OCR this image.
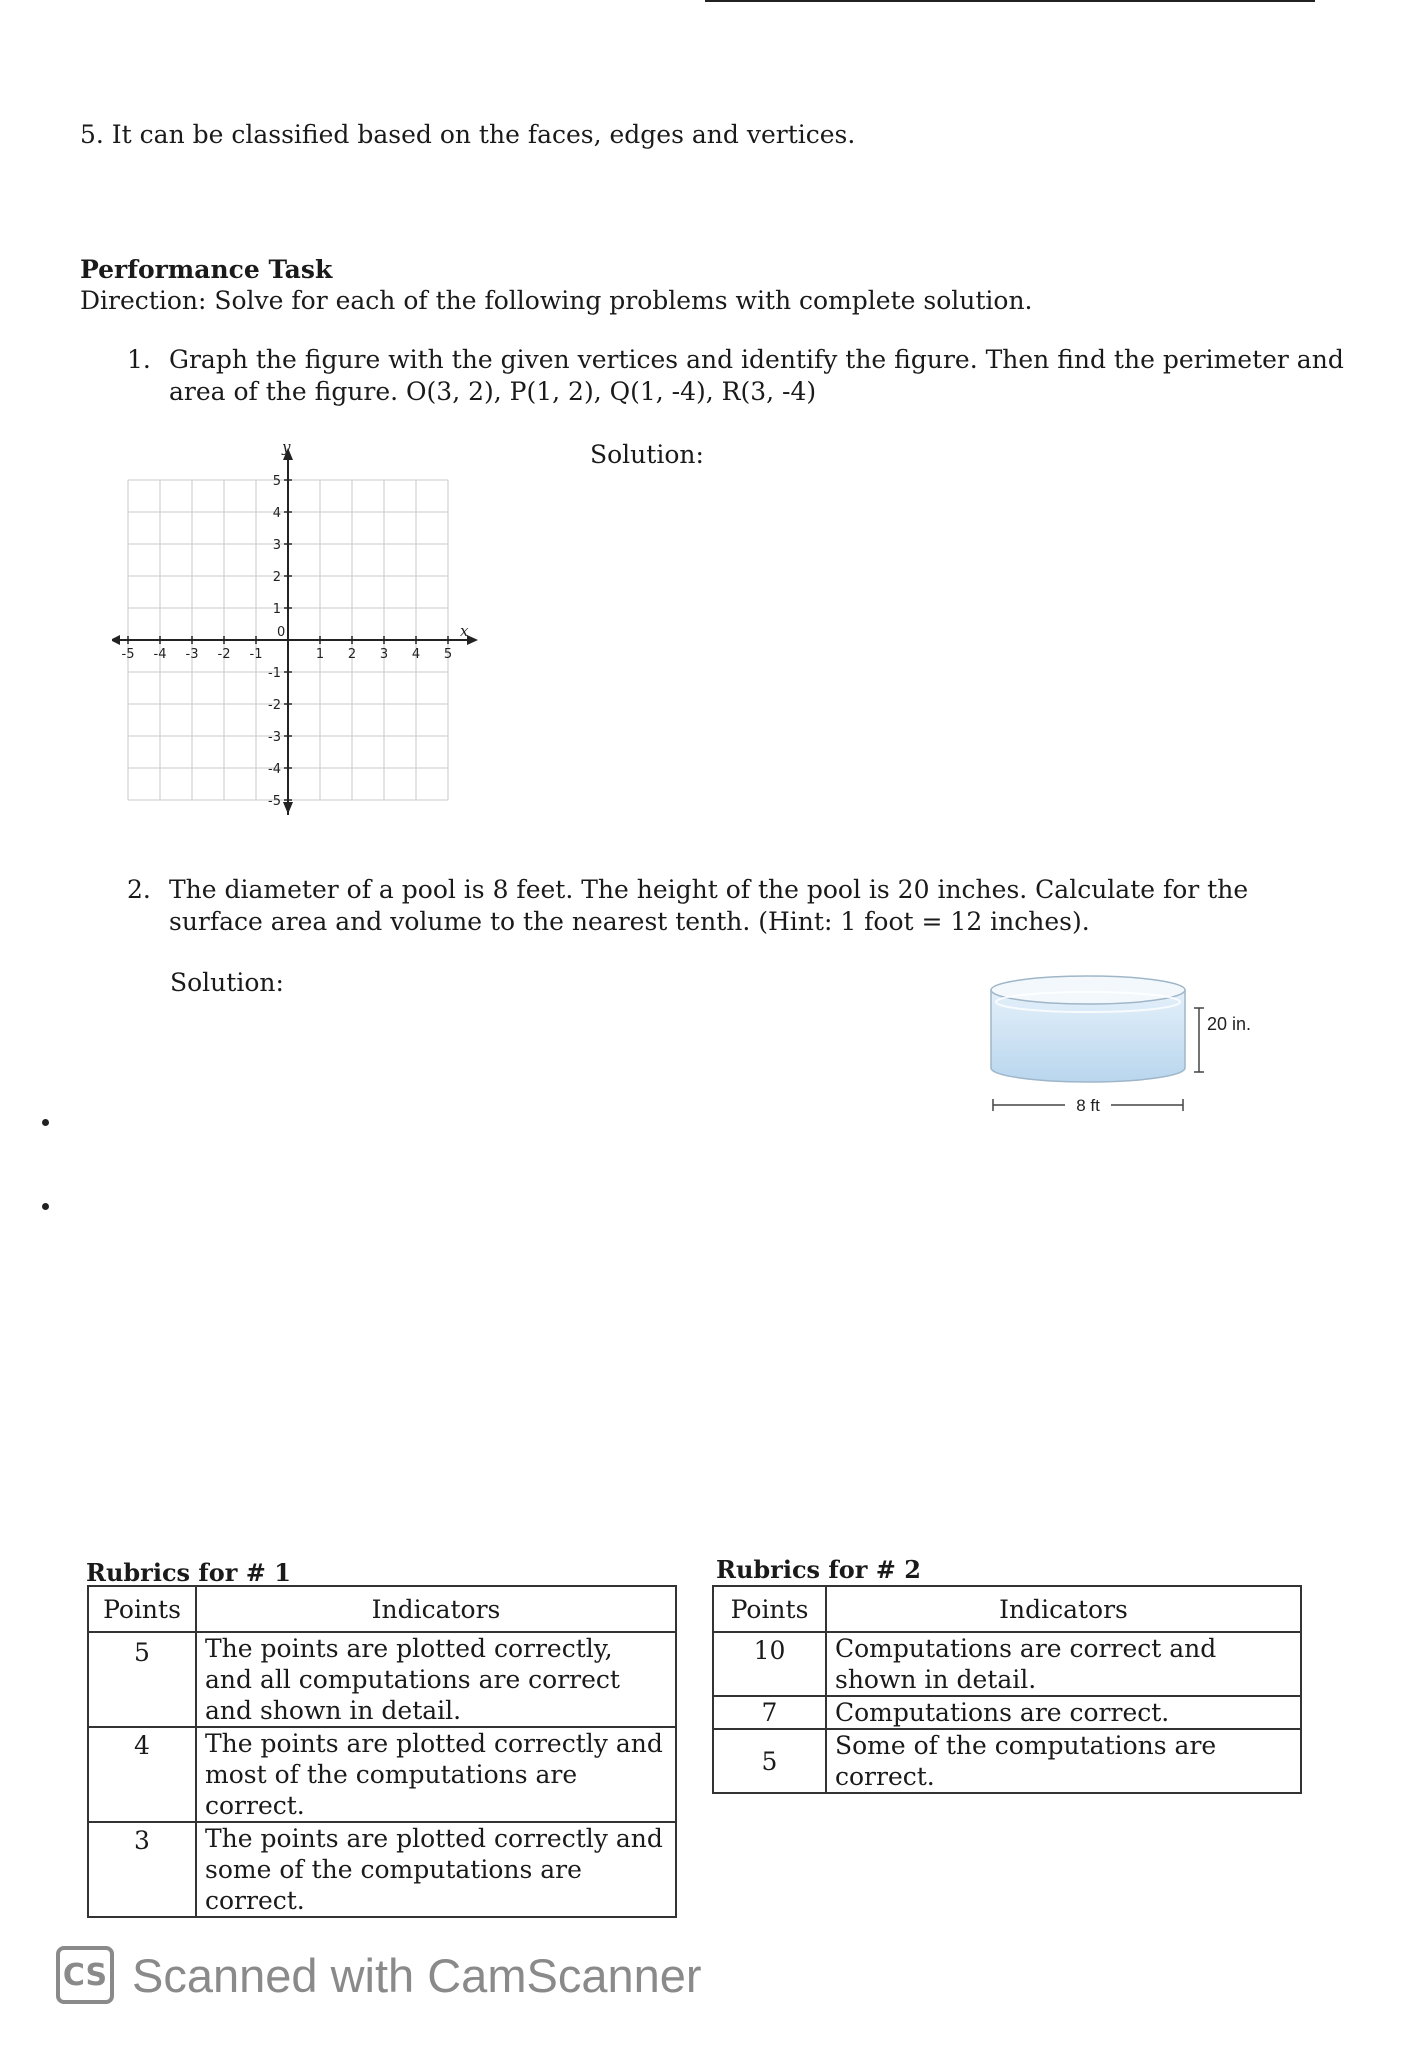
5. It can be classified based on the faces, edges and vertices.
Performance Task
Direction: Solve for each of the following problems with complete solution.
1. Graph the figure with the given vertices and identify the figure. Then find the perimeter and area of the figure. O(3, 2), P(1, 2), Q(1, -4), R(3, -4)
Solution:
x
y
0
-5 -4 -3 -2 -1	1 2 3 4 5
5
4
3
2
1
-1
-2
-3
-4
-5
2. The diameter of a pool is 8 feet. The height of the pool is 20 inches. Calculate for the surface area and volume to the nearest tenth. (Hint: 1 foot = 12 inches).
Solution:
20 in.
8 ft
Rubrics for # 1
Points	Indicators
5	The points are plotted correctly, and all computations are correct and shown in detail.
4	The points are plotted correctly and most of the computations are correct.
3	The points are plotted correctly and some of the computations are correct.
Rubrics for # 2
Points	Indicators
10	Computations are correct and shown in detail.
7	Computations are correct.
5	Some of the computations are correct.
CS Scanned with CamScanner
